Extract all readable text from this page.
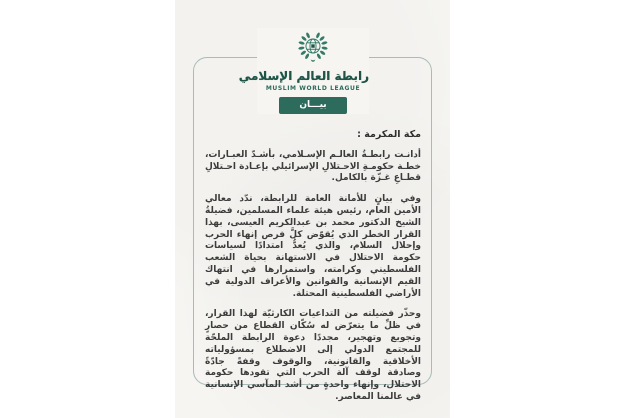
رابطة العالم الإسلامي
MUSLIM WORLD LEAGUE
بيـــان
مكة المكرمة :

أدانـت رابطـةُ العالـم الإسـلامي، بأشـدّ العبـارات، خطـة حكومـةِ الاحـتلالِ الإسرائيلي بإعـادة احـتلالِ قطـاعِ غـزّة بالكامل.

وفي بيانٍ للأمانة العامة للرابطة، ندّد معالي الأمين العام، رئيس هيئة علماء المسلمين، فضيلةُ الشيخ الدكتور محمد بن عبدالكريم العيسى، بهذا القرار الخطر الذي يُقوّض كلَّ فرص إنهاء الحرب وإحلال السلام، والذي يُعدُّ امتدادًا لسياسات حكومة الاحتلال في الاستهانة بحياة الشعب الفلسطيني وكرامته، واستمرارها في انتهاك القيم الإنسانية والقوانين والأعراف الدولية في الأراضي الفلسطينية المحتلة.

وحذّر فضيلته من التداعيات الكارثيّة لهذا القرار، في ظلِّ ما يتعرّض له سُكّان القطاع من حصارٍ وتجويع وتهجير، مجددًا دعوة الرابطة الملحّة للمجتمع الدولي إلى الاضطلاع بمسؤولياته الأخلاقية والقانونية، والوقوف وقفةً جادّةً وصادقة لوقف آلة الحرب التي تقودها حكومة الاحتلال، وإنهاء واحدةٍ من أشد المآسي الإنسانية في عالمنا المعاصر.
